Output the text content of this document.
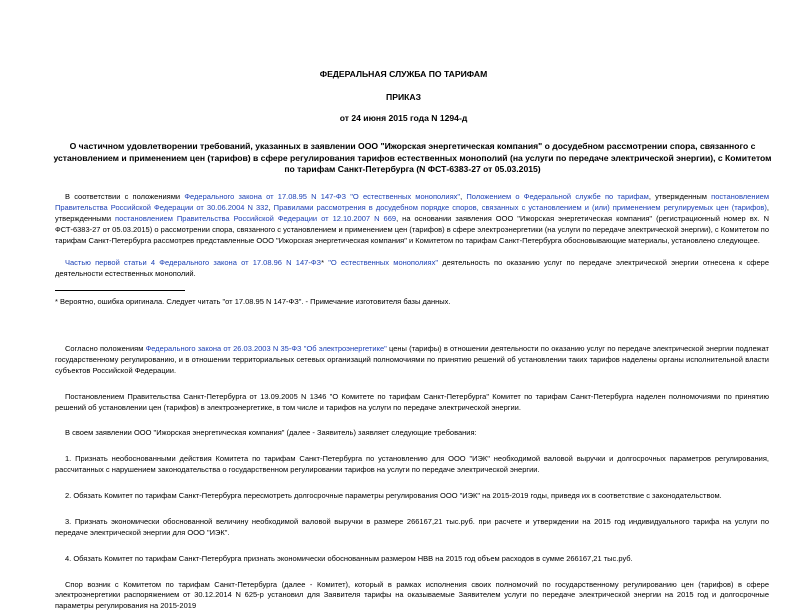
ФЕДЕРАЛЬНАЯ СЛУЖБА ПО ТАРИФАМ
ПРИКАЗ
от 24 июня 2015 года N 1294-д
О частичном удовлетворении требований, указанных в заявлении ООО "Ижорская энергетическая компания" о досудебном рассмотрении спора, связанного с установлением и применением цен (тарифов) в сфере регулирования тарифов естественных монополий (на услуги по передаче электрической энергии), с Комитетом по тарифам Санкт-Петербурга (N ФСТ-6383-27 от 05.03.2015)

В соответствии с положениями Федерального закона от 17.08.95 N 147-ФЗ "О естественных монополиях", Положением о Федеральной службе по тарифам, утвержденным постановлением Правительства Российской Федерации от 30.06.2004 N 332, Правилами рассмотрения в досудебном порядке споров, связанных с установлением и (или) применением регулируемых цен (тарифов), утвержденными постановлением Правительства Российской Федерации от 12.10.2007 N 669, на основании заявления ООО "Ижорская энергетическая компания" (регистрационный номер вх. N ФСТ-6383-27 от 05.03.2015) о рассмотрении спора, связанного с установлением и применением цен (тарифов) в сфере электроэнергетики (на услуги по передаче электрической энергии), с Комитетом по тарифам Санкт-Петербурга рассмотрев представленные ООО "Ижорская энергетическая компания" и Комитетом по тарифам Санкт-Петербурга обосновывающие материалы, установлено следующее.

Частью первой статьи 4 Федерального закона от 17.08.96 N 147-ФЗ* "О естественных монополиях" деятельность по оказанию услуг по передаче электрической энергии отнесена к сфере деятельности естественных монополий.

* Вероятно, ошибка оригинала. Следует читать "от 17.08.95 N 147-ФЗ". - Примечание изготовителя базы данных.

Согласно положениям Федерального закона от 26.03.2003 N 35-ФЗ "Об электроэнергетике" цены (тарифы) в отношении деятельности по оказанию услуг по передаче электрической энергии подлежат государственному регулированию, и в отношении территориальных сетевых организаций полномочиями по принятию решений об установлении таких тарифов наделены органы исполнительной власти субъектов Российской Федерации.

Постановлением Правительства Санкт-Петербурга от 13.09.2005 N 1346 "О Комитете по тарифам Санкт-Петербурга" Комитет по тарифам Санкт-Петербурга наделен полномочиями по принятию решений об установлении цен (тарифов) в электроэнергетике, в том числе и тарифов на услуги по передаче электрической энергии.

В своем заявлении ООО "Ижорская энергетическая компания" (далее - Заявитель) заявляет следующие требования:

1. Признать необоснованными действия Комитета по тарифам Санкт-Петербурга по установлению для ООО "ИЭК" необходимой валовой выручки и долгосрочных параметров регулирования, рассчитанных с нарушением законодательства о государственном регулировании тарифов на услуги по передаче электрической энергии.

2. Обязать Комитет по тарифам Санкт-Петербурга пересмотреть долгосрочные параметры регулирования ООО "ИЭК" на 2015-2019 годы, приведя их в соответствие с законодательством.

3. Признать экономически обоснованной величину необходимой валовой выручки в размере 266167,21 тыс.руб. при расчете и утверждении на 2015 год индивидуального тарифа на услуги по передаче электрической энергии для ООО "ИЭК".

4. Обязать Комитет по тарифам Санкт-Петербурга признать экономически обоснованным размером НВВ на 2015 год объем расходов в сумме 266167,21 тыс.руб.

Спор возник с Комитетом по тарифам Санкт-Петербурга (далее - Комитет), который в рамках исполнения своих полномочий по государственному регулированию цен (тарифов) в сфере электроэнергетики распоряжением от 30.12.2014 N 625-р установил для Заявителя тарифы на оказываемые Заявителем услуги по передаче электрической энергии на 2015 год и долгосрочные параметры регулирования на 2015-2019
